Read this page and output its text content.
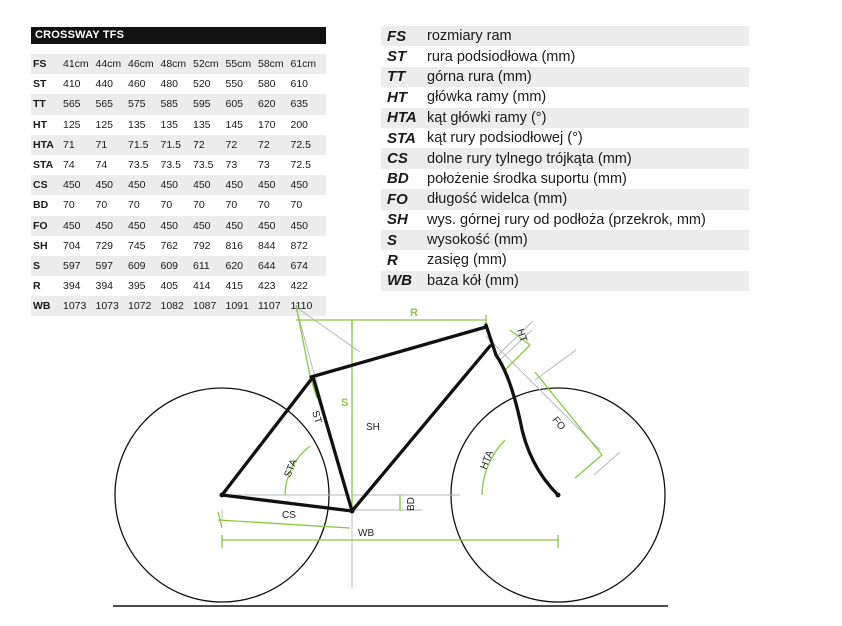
CROSSWAY TFS
FS	41cm 44cm 46cm 48cm 52cm 55cm 58cm 61cm
ST	410	440	460	480	520	550	580	610
TT	565	565	575	585	595	605	620	635
HT	125	125	135	135	135	145	170	200
HTA 71	71	71.5	71.5	72	72	72	72.5
STA 74	74	73.5	73.5	73.5	73	73	72.5
CS	450	450	450	450	450	450	450	450
BD	70	70	70	70	70	70	70	70
FO	450	450	450	450	450	450	450	450
SH	704	729	745	762	792	816	844	872
S	597	597	609	609	611	620	644	674
R	394	394	395	405	414	415	423	422
WB	1073 1073 1072 1082 1087 1091 1107 1110
FS	rozmiary ram
ST	rura podsiodłowa (mm)
TT	górna rura (mm)
HT	główka ramy (mm)
HTA kąt główki ramy (°)
STA kąt rury podsiodłowej (°)
CS	dolne rury tylnego trójkąta (mm)
BD	położenie środka suportu (mm)
FO	długość widelca (mm)
SH	wys. górnej rury od podłoża (przekrok, mm)
S	wysokość (mm)
R	zasięg (mm)
WB	baza kół (mm)
R
S
SH
STA
ST
HT
FO
HTA
BD
CS
WB
